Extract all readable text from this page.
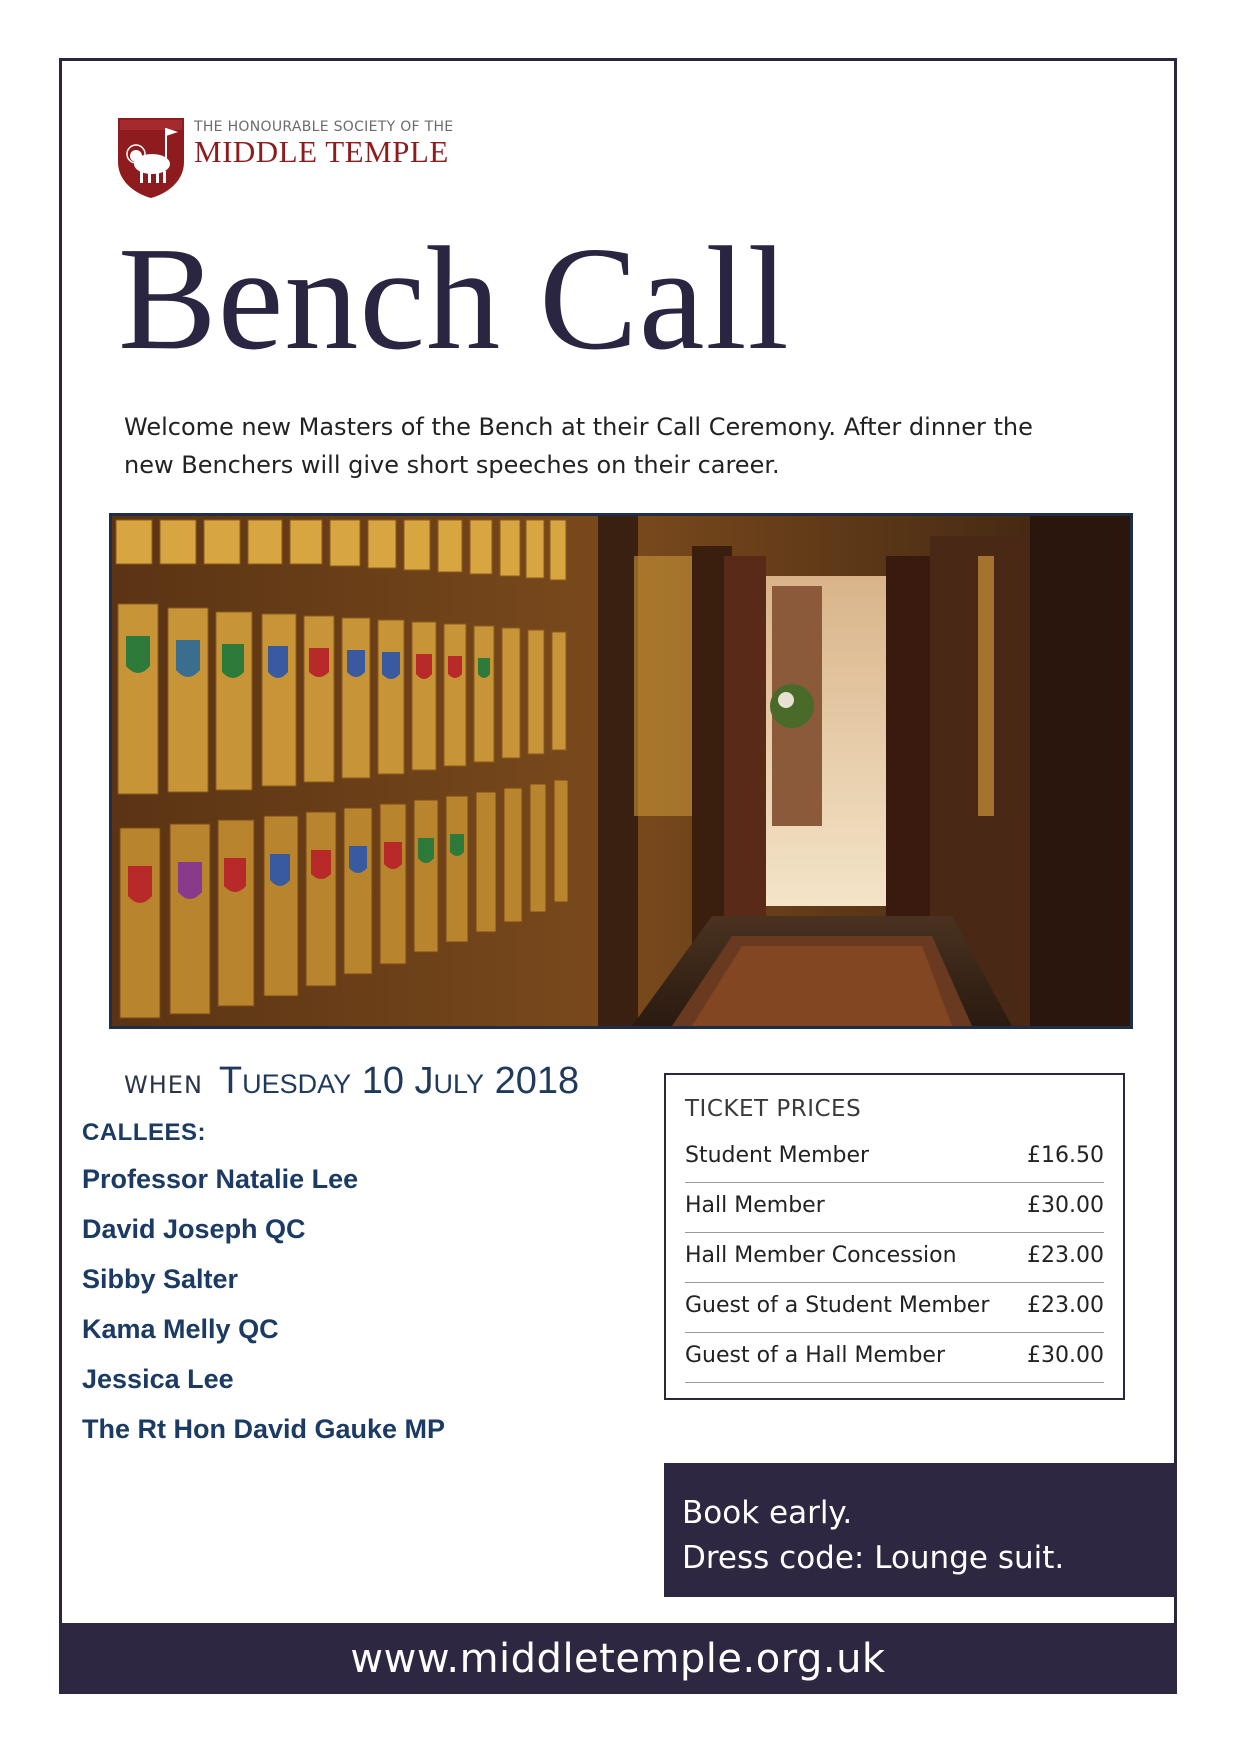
THE HONOURABLE SOCIETY OF THE
MIDDLE TEMPLE
Bench Call
Welcome new Masters of the Bench at their Call Ceremony. After dinner the new Benchers will give short speeches on their career.
WHEN Tuesday 10 July 2018
CALLEES:
Professor Natalie Lee
David Joseph QC
Sibby Salter
Kama Melly QC
Jessica Lee
The Rt Hon David Gauke MP
TICKET PRICES
Student Member	£16.50
Hall Member	£30.00
Hall Member Concession	£23.00
Guest of a Student Member £23.00
Guest of a Hall Member	£30.00
Book early.
Dress code: Lounge suit.
www.middletemple.org.uk
